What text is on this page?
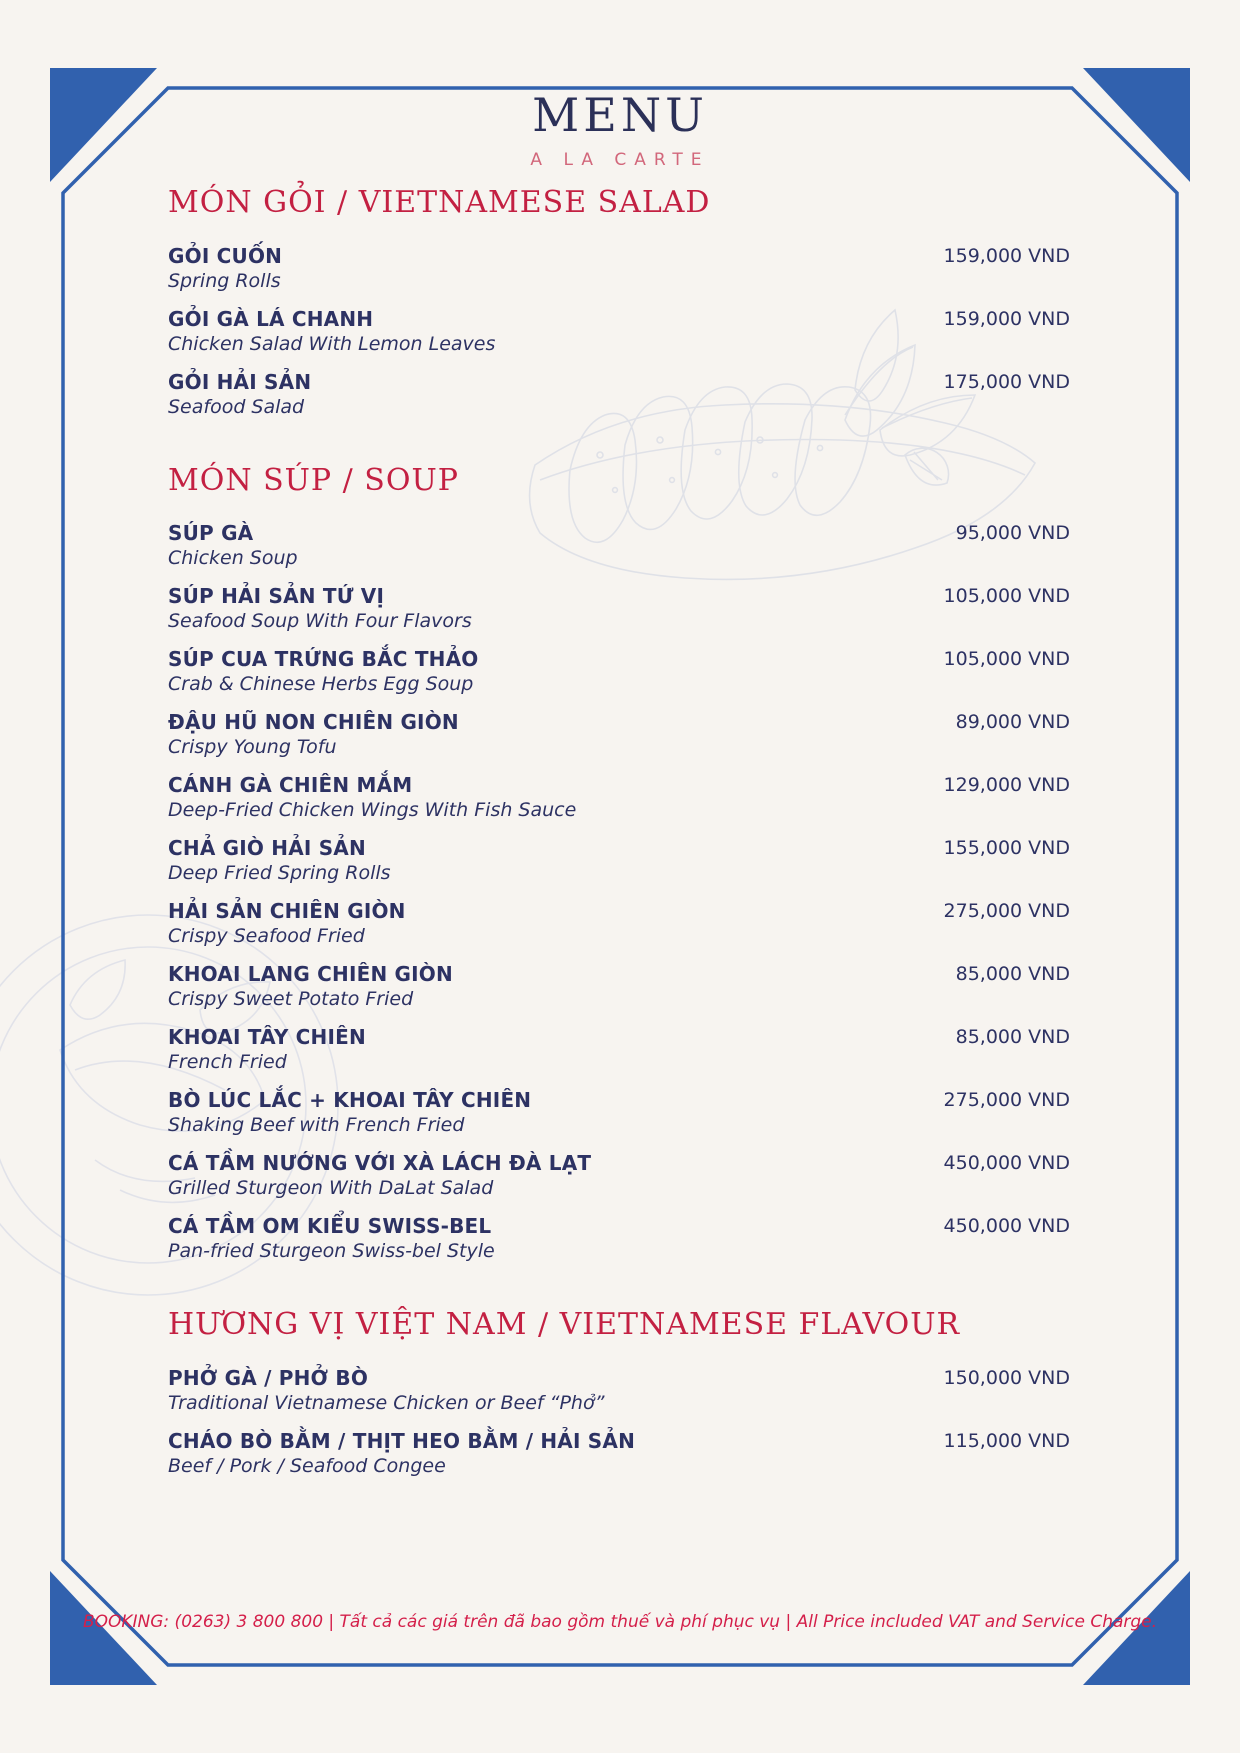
MENU
A LA CARTE
MÓN GỎI / VIETNAMESE SALAD
GỎI CUỐN
Spring Rolls
159,000 VND
GỎI GÀ LÁ CHANH
Chicken Salad With Lemon Leaves
159,000 VND
GỎI HẢI SẢN
Seafood Salad
175,000 VND
MÓN SÚP / SOUP
SÚP GÀ
Chicken Soup
95,000 VND
SÚP HẢI SẢN TỨ VỊ
Seafood Soup With Four Flavors
105,000 VND
SÚP CUA TRỨNG BẮC THẢO
Crab & Chinese Herbs Egg Soup
105,000 VND
ĐẬU HŨ NON CHIÊN GIÒN
Crispy Young Tofu
89,000 VND
CÁNH GÀ CHIÊN MẮM
Deep-Fried Chicken Wings With Fish Sauce
129,000 VND
CHẢ GIÒ HẢI SẢN
Deep Fried Spring Rolls
155,000 VND
HẢI SẢN CHIÊN GIÒN
Crispy Seafood Fried
275,000 VND
KHOAI LANG CHIÊN GIÒN
Crispy Sweet Potato Fried
85,000 VND
KHOAI TÂY CHIÊN
French Fried
85,000 VND
BÒ LÚC LẮC + KHOAI TÂY CHIÊN
Shaking Beef with French Fried
275,000 VND
CÁ TẦM NƯỚNG VỚI XÀ LÁCH ĐÀ LẠT
Grilled Sturgeon With DaLat Salad
450,000 VND
CÁ TẦM OM KIỂU SWISS-BEL
Pan-fried Sturgeon Swiss-bel Style
450,000 VND
HƯƠNG VỊ VIỆT NAM / VIETNAMESE FLAVOUR
PHỞ GÀ / PHỞ BÒ
Traditional Vietnamese Chicken or Beef “Phở”
150,000 VND
CHÁO BÒ BẰM / THỊT HEO BẰM / HẢI SẢN
Beef / Pork / Seafood Congee
115,000 VND
BOOKING: (0263) 3 800 800 | Tất cả các giá trên đã bao gồm thuế và phí phục vụ | All Price included VAT and Service Charge.
